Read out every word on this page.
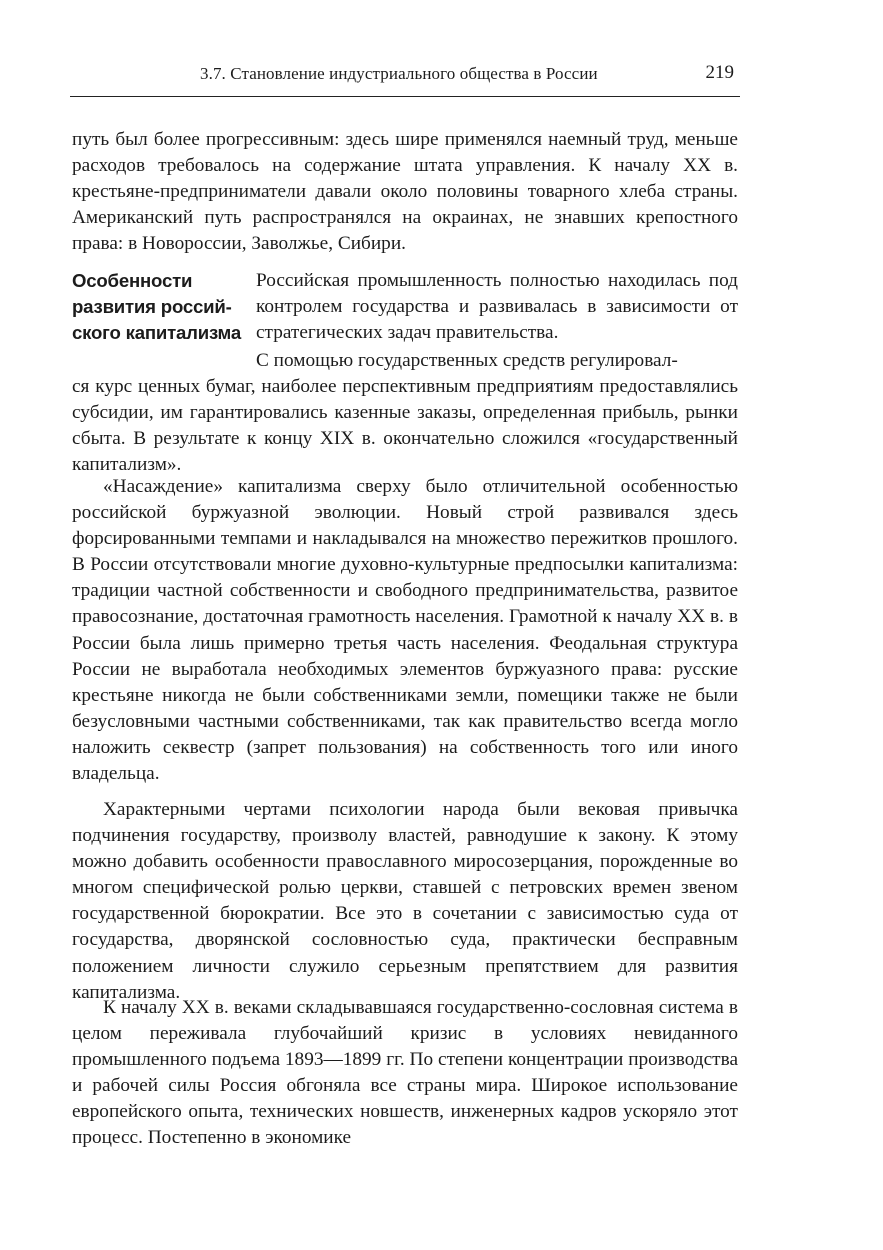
3.7. Становление индустриального общества в России	219

путь был более прогрессивным: здесь шире применялся наемный труд, меньше расходов требовалось на содержание штата управления. К началу XX в. крестьяне-предприниматели давали около половины товарного хлеба страны. Американский путь распространялся на окраинах, не знавших крепостного права: в Новороссии, Заволжье, Сибири.

Особенности
развития россий-
ского капитализма

Российская промышленность полностью находилась под контролем государства и развивалась в зависимости от стратегических задач правительства.

С помощью государственных средств регулировал-
ся курс ценных бумаг, наиболее перспективным предприятиям предоставлялись субсидии, им гарантировались казенные заказы, определенная прибыль, рынки сбыта. В результате к концу XIX в. окончательно сложился «государственный капитализм».

«Насаждение» капитализма сверху было отличительной особенностью российской буржуазной эволюции. Новый строй развивался здесь форсированными темпами и накладывался на множество пережитков прошлого. В России отсутствовали многие духовно-культурные предпосылки капитализма: традиции частной собственности и свободного предпринимательства, развитое правосознание, достаточная грамотность населения. Грамотной к началу XX в. в России была лишь примерно третья часть населения. Феодальная структура России не выработала необходимых элементов буржуазного права: русские крестьяне никогда не были собственниками земли, помещики также не были безусловными частными собственниками, так как правительство всегда могло наложить секвестр (запрет пользования) на собственность того или иного владельца.

Характерными чертами психологии народа были вековая привычка подчинения государству, произволу властей, равнодушие к закону. К этому можно добавить особенности православного миросозерцания, порожденные во многом специфической ролью церкви, ставшей с петровских времен звеном государственной бюрократии. Все это в сочетании с зависимостью суда от государства, дворянской сословностью суда, практически бесправным положением личности служило серьезным препятствием для развития капитализма.

К началу XX в. веками складывавшаяся государственно-сословная система в целом переживала глубочайший кризис в условиях невиданного промышленного подъема 1893—1899 гг. По степени концентрации производства и рабочей силы Россия обгоняла все страны мира. Широкое использование европейского опыта, технических новшеств, инженерных кадров ускоряло этот процесс. Постепенно в экономике
